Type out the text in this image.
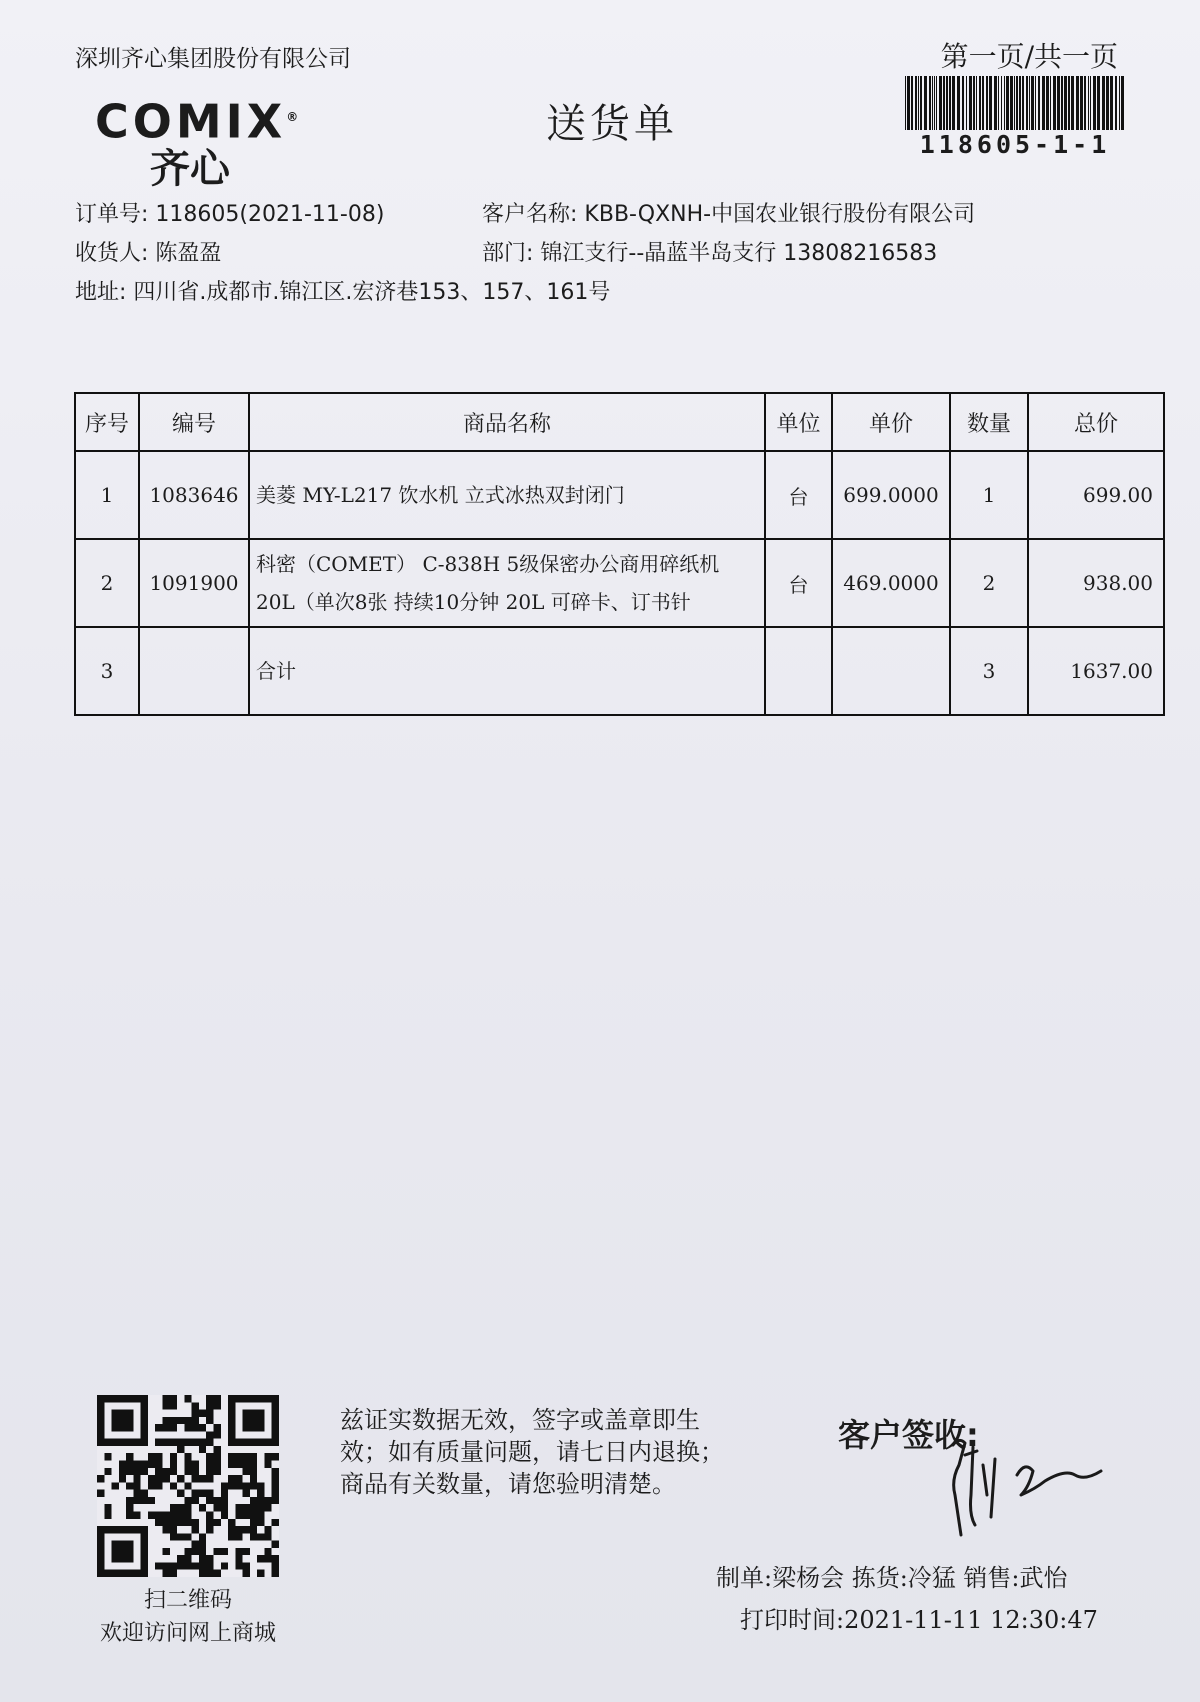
深圳齐心集团股份有限公司	第一页/共一页
118605-1-1
COMIX®
齐心
送货单
订单号: 118605(2021-11-08)	客户名称: KBB-QXNH-中国农业银行股份有限公司
收货人: 陈盈盈	部门: 锦江支行--晶蓝半岛支行 13808216583
地址: 四川省.成都市.锦江区.宏济巷153、157、161号
序号	编号	商品名称	单位	单价	数量	总价
1	1083646	美菱 MY-L217 饮水机 立式冰热双封闭门	台	699.0000	1	699.00
2	1091900	科密（COMET） C-838H 5级保密办公商用碎纸机
20L（单次8张 持续10分钟 20L 可碎卡、订书针	台	469.0000	2	938.00
3		合计			3	1637.00
扫二维码
欢迎访问网上商城
兹证实数据无效，签字或盖章即生
效；如有质量问题，请七日内退换；
商品有关数量，请您验明清楚。
客户签收:
制单:梁杨会 拣货:冷猛 销售:武怡
打印时间:2021-11-11 12:30:47
